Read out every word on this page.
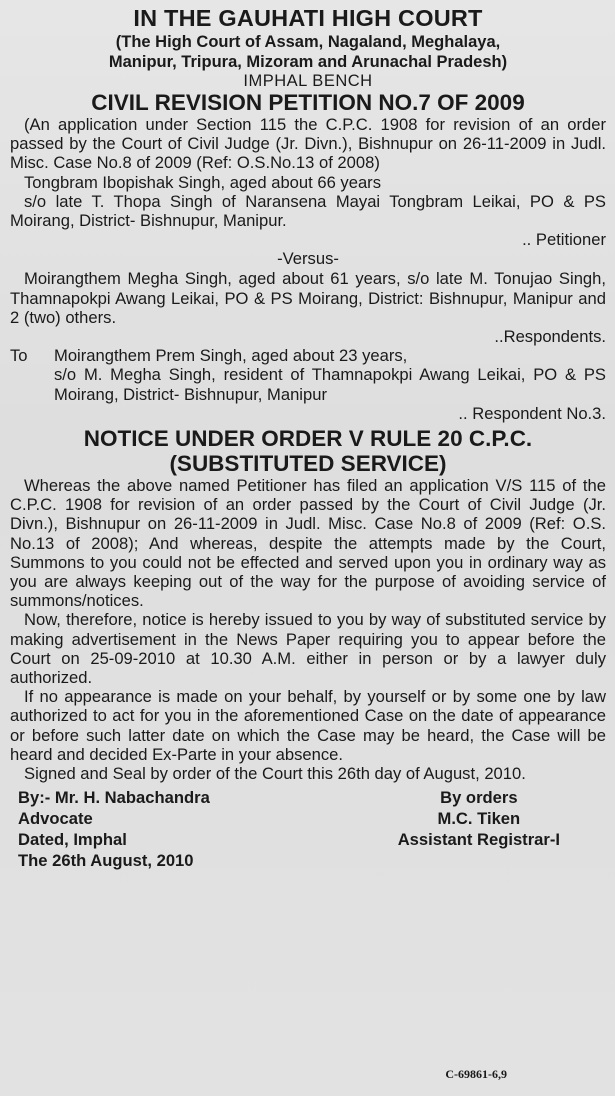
IN THE GAUHATI HIGH COURT
(The High Court of Assam, Nagaland, Meghalaya,
Manipur, Tripura, Mizoram and Arunachal Pradesh)
IMPHAL BENCH
CIVIL REVISION PETITION NO.7 OF 2009

(An application under Section 115 the C.P.C. 1908 for revision of an order passed by the Court of Civil Judge (Jr. Divn.), Bishnupur on 26-11-2009 in Judl. Misc. Case No.8 of 2009 (Ref: O.S.No.13 of 2008)

Tongbram Ibopishak Singh, aged about 66 years

s/o late T. Thopa Singh of Naransena Mayai Tongbram Leikai, PO & PS Moirang, District- Bishnupur, Manipur.

.. Petitioner
-Versus-

Moirangthem Megha Singh, aged about 61 years, s/o late M. Tonujao Singh, Thamnapokpi Awang Leikai, PO & PS Moirang, District: Bishnupur, Manipur and 2 (two) others.

..Respondents.
To	Moirangthem Prem Singh, aged about 23 years,
s/o M. Megha Singh, resident of Thamnapokpi Awang Leikai, PO & PS Moirang, District- Bishnupur, Manipur
.. Respondent No.3.
NOTICE UNDER ORDER V RULE 20 C.P.C.
(SUBSTITUTED SERVICE)

Whereas the above named Petitioner has filed an application V/S 115 of the C.P.C. 1908 for revision of an order passed by the Court of Civil Judge (Jr. Divn.), Bishnupur on 26-11-2009 in Judl. Misc. Case No.8 of 2009 (Ref: O.S. No.13 of 2008); And whereas, despite the attempts made by the Court, Summons to you could not be effected and served upon you in ordinary way as you are always keeping out of the way for the purpose of avoiding service of summons/notices.

Now, therefore, notice is hereby issued to you by way of substituted service by making advertisement in the News Paper requiring you to appear before the Court on 25-09-2010 at 10.30 A.M. either in person or by a lawyer duly authorized.

If no appearance is made on your behalf, by yourself or by some one by law authorized to act for you in the aforementioned Case on the date of appearance or before such latter date on which the Case may be heard, the Case will be heard and decided Ex-Parte in your absence.

Signed and Seal by order of the Court this 26th day of August, 2010.

By:- Mr. H. Nabachandra
Advocate
Dated, Imphal
The 26th August, 2010
By orders
M.C. Tiken
Assistant Registrar-I
C-69861-6,9
